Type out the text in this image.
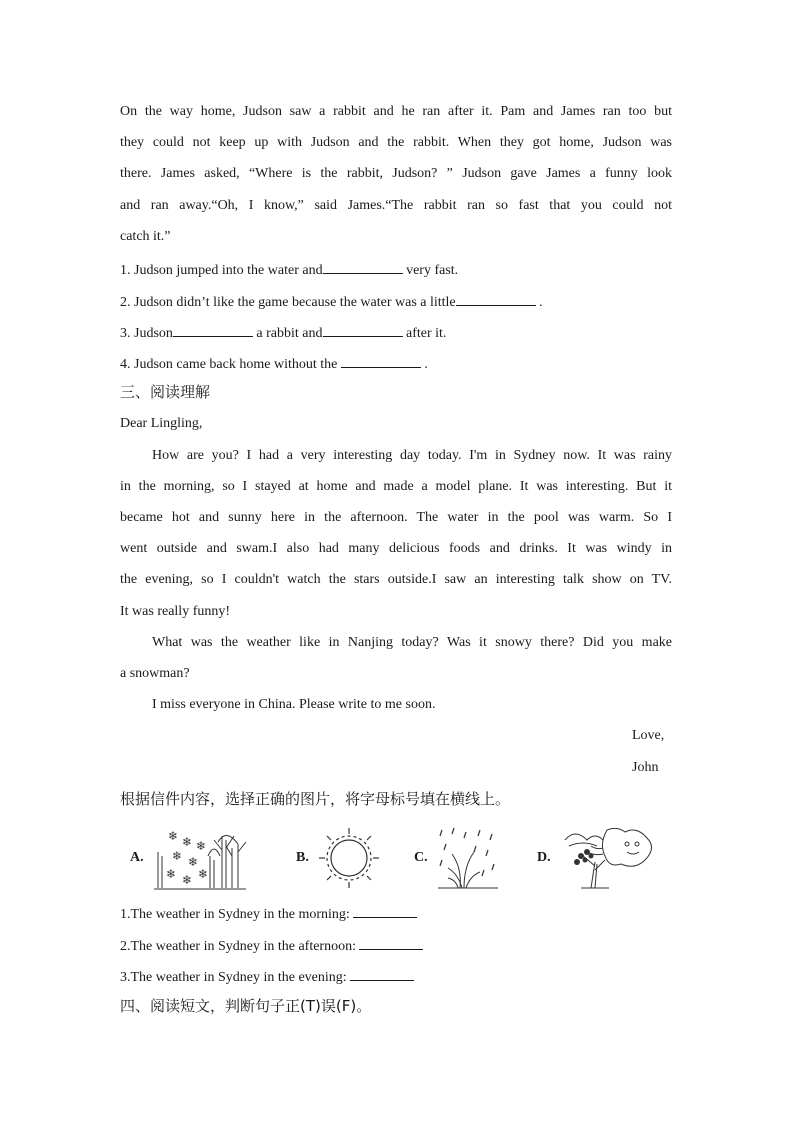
On the way home, Judson saw a rabbit and he ran after it. Pam and James ran too but
they could not keep up with Judson and the rabbit. When they got home, Judson was
there. James asked, “Where is the rabbit, Judson? ” Judson gave James a funny look
and ran away.“Oh, I know,” said James.“The rabbit ran so fast that you could not
catch it.”
1. Judson jumped into the water and	very fast.
2. Judson didn’t like the game because the water was a little	.
3. Judson	a rabbit and	after it.
4. Judson came back home without the	.
三、阅读理解
Dear Lingling,
How are you? I had a very interesting day today. I'm in Sydney now. It was rainy
in the morning, so I stayed at home and made a model plane. It was interesting. But it
became hot and sunny here in the afternoon. The water in the pool was warm. So I
went outside and swam.I also had many delicious foods and drinks. It was windy in
the evening, so I couldn't watch the stars outside.I saw an interesting talk show on TV.
It was really funny!
What was the weather like in Nanjing today? Was it snowy there? Did you make
a snowman?
I miss everyone in China. Please write to me soon.
Love,
John
根据信件内容，选择正确的图片，将字母标号填在横线上。
A.
❄ ❄
❄ ❄
❄ ❄
❄
❄
B.	C.	D.
1.The weather in Sydney in the morning:
2.The weather in Sydney in the afternoon:
3.The weather in Sydney in the evening:
四、阅读短文，判断句子正(T)误(F)。
